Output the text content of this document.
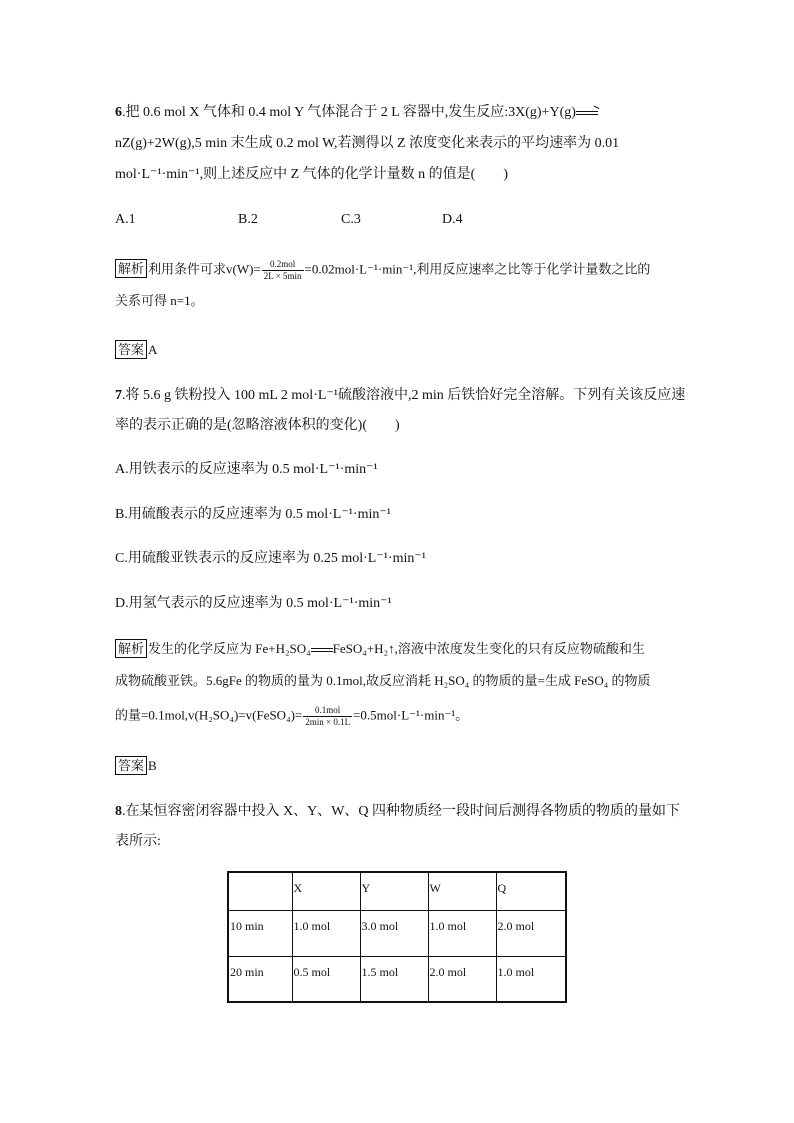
6.把 0.6 mol X 气体和 0.4 mol Y 气体混合于 2 L 容器中,发生反应:3X(g)+Y(g)→
nZ(g)+2W(g),5 min 末生成 0.2 mol W,若测得以 Z 浓度变化来表示的平均速率为 0.01
mol·L⁻¹·min⁻¹,则上述反应中 Z 气体的化学计量数 n 的值是(　　)
A.1	B.2	C.3	D.4
解析 利用条件可求$v(W)= \frac{\text{0.2mol}}{2L \times 5\min} =0.02mol\cdot L^{-1}\cdot\min^{-1}$,利用反应速率之比等于化学计量数之比的
关系可得 n=1。
答案 A
7.将 5.6 g 铁粉投入 100 mL 2 mol·L⁻¹硫酸溶液中,2 min 后铁恰好完全溶解。下列有关该反应速
率的表示正确的是(忽略溶液体积的变化)(　　)
A.用铁表示的反应速率为 0.5 mol·L⁻¹·min⁻¹
B.用硫酸表示的反应速率为 0.5 mol·L⁻¹·min⁻¹
C.用硫酸亚铁表示的反应速率为 0.25 mol·L⁻¹·min⁻¹
D.用氢气表示的反应速率为 0.5 mol·L⁻¹·min⁻¹
解析 发生的化学反应为 Fe+H₂SO₄ FeSO₄+H₂↑,溶液中浓度发生变化的只有反应物硫酸和生
成物硫酸亚铁。5.6gFe 的物质的量为 0.1mol,故反应消耗 H₂SO₄ 的物质的量=生成 FeSO₄ 的物质
的量=0.1mol,v(H₂SO₄)=v(FeSO₄)= $\frac{\text{0.1mol}}{2\min \times 0.1L} =0.5mol\cdot L^{-1}\cdot\min^{-1}$。
答案 B
8.在某恒容密闭容器中投入 X、Y、W、Q 四种物质经一段时间后测得各物质的物质的量如下
表所示:
	X	Y	W	Q
10 min	1.0 mol	3.0 mol	1.0 mol	2.0 mol
20 min	0.5 mol	1.5 mol	2.0 mol	1.0 mol
